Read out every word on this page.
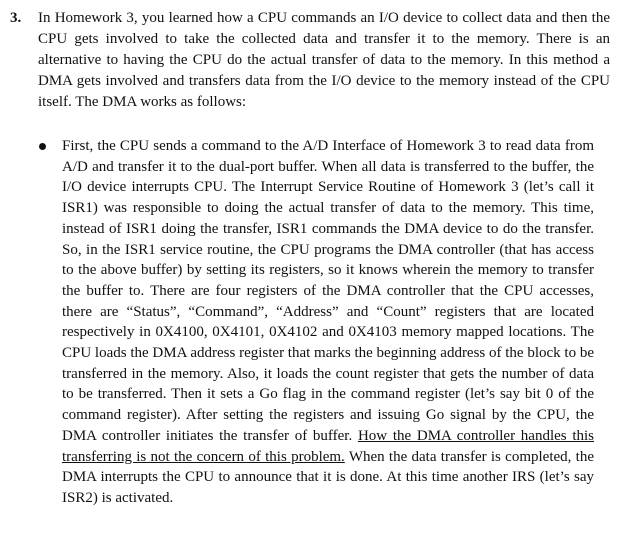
3.	In Homework 3, you learned how a CPU commands an I/O device to collect data and then the CPU gets involved to take the collected data and transfer it to the memory. There is an alternative to having the CPU do the actual transfer of data to the memory. In this method a DMA gets involved and transfers data from the I/O device to the memory instead of the CPU itself. The DMA works as follows:
First, the CPU sends a command to the A/D Interface of Homework 3 to read data from A/D and transfer it to the dual-port buffer. When all data is transferred to the buffer, the I/O device interrupts CPU. The Interrupt Service Routine of Homework 3 (let’s call it ISR1) was responsible to doing the actual transfer of data to the memory. This time, instead of ISR1 doing the transfer, ISR1 commands the DMA device to do the transfer. So, in the ISR1 service routine, the CPU programs the DMA controller (that has access to the above buffer) by setting its registers, so it knows wherein the memory to transfer the buffer to. There are four registers of the DMA controller that the CPU accesses, there are “Status”, “Command”, “Address” and “Count” registers that are located respectively in 0X4100, 0X4101, 0X4102 and 0X4103 memory mapped locations. The CPU loads the DMA address register that marks the beginning address of the block to be transferred in the memory. Also, it loads the count register that gets the number of data to be transferred. Then it sets a Go flag in the command register (let’s say bit 0 of the command register). After setting the registers and issuing Go signal by the CPU, the DMA controller initiates the transfer of buffer. How the DMA controller handles this transferring is not the concern of this problem. When the data transfer is completed, the DMA interrupts the CPU to announce that it is done. At this time another IRS (let’s say ISR2) is activated.
